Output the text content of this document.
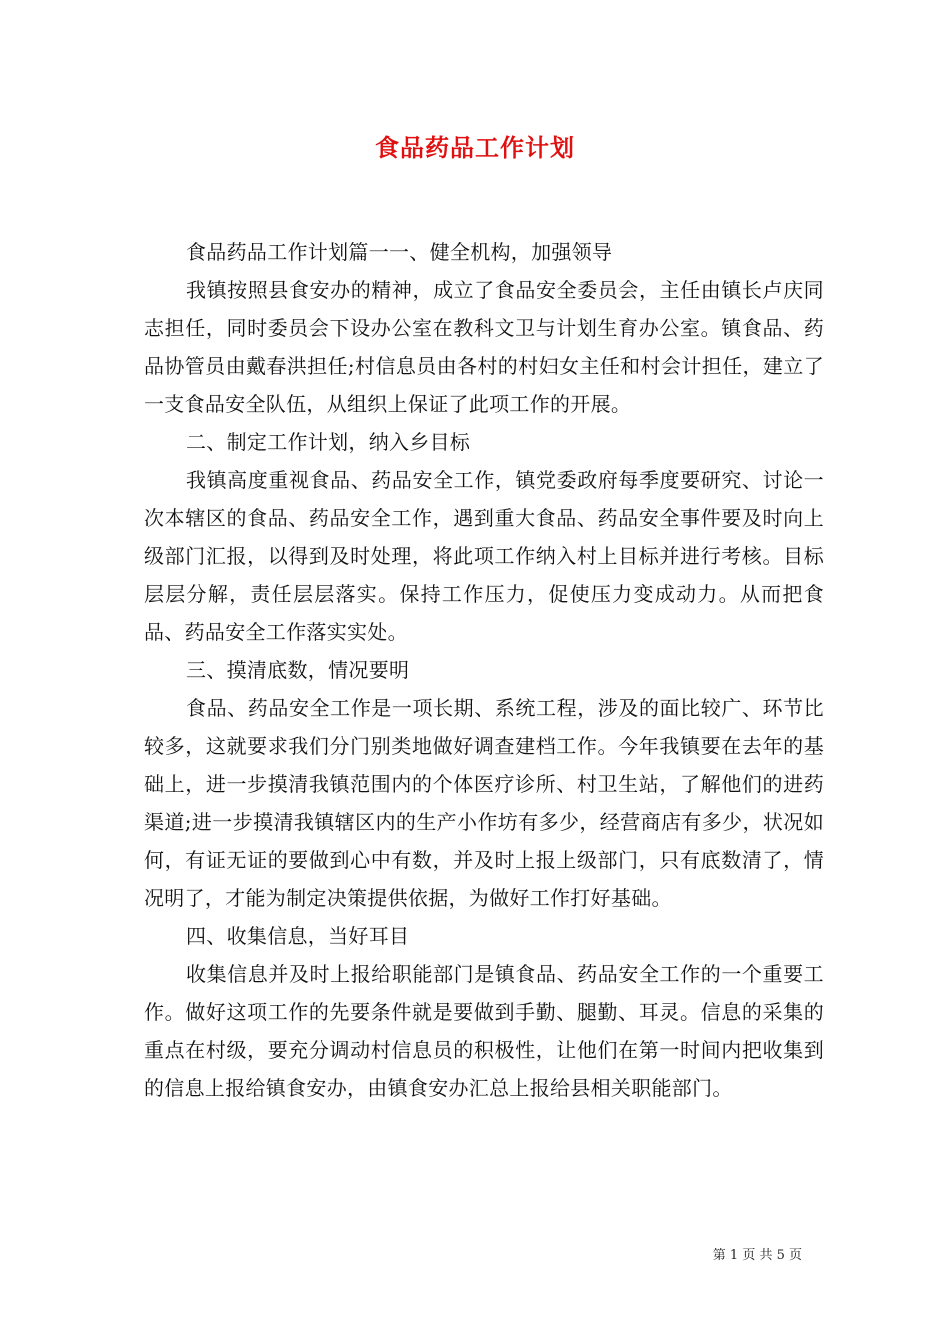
食品药品工作计划

食品药品工作计划篇一一、健全机构，加强领导

我镇按照县食安办的精神，成立了食品安全委员会，主任由镇长卢庆同志担任，同时委员会下设办公室在教科文卫与计划生育办公室。镇食品、药品协管员由戴春洪担任;村信息员由各村的村妇女主任和村会计担任，建立了一支食品安全队伍，从组织上保证了此项工作的开展。

二、制定工作计划，纳入乡目标

我镇高度重视食品、药品安全工作，镇党委政府每季度要研究、讨论一次本辖区的食品、药品安全工作，遇到重大食品、药品安全事件要及时向上级部门汇报，以得到及时处理，将此项工作纳入村上目标并进行考核。目标层层分解，责任层层落实。保持工作压力，促使压力变成动力。从而把食品、药品安全工作落实实处。

三、摸清底数，情况要明

食品、药品安全工作是一项长期、系统工程，涉及的面比较广、环节比较多，这就要求我们分门别类地做好调查建档工作。今年我镇要在去年的基础上，进一步摸清我镇范围内的个体医疗诊所、村卫生站，了解他们的进药渠道;进一步摸清我镇辖区内的生产小作坊有多少，经营商店有多少，状况如何，有证无证的要做到心中有数，并及时上报上级部门，只有底数清了，情况明了，才能为制定决策提供依据，为做好工作打好基础。

四、收集信息，当好耳目

收集信息并及时上报给职能部门是镇食品、药品安全工作的一个重要工作。做好这项工作的先要条件就是要做到手勤、腿勤、耳灵。信息的采集的重点在村级，要充分调动村信息员的积极性，让他们在第一时间内把收集到的信息上报给镇食安办，由镇食安办汇总上报给县相关职能部门。

第 1 页 共 5 页
